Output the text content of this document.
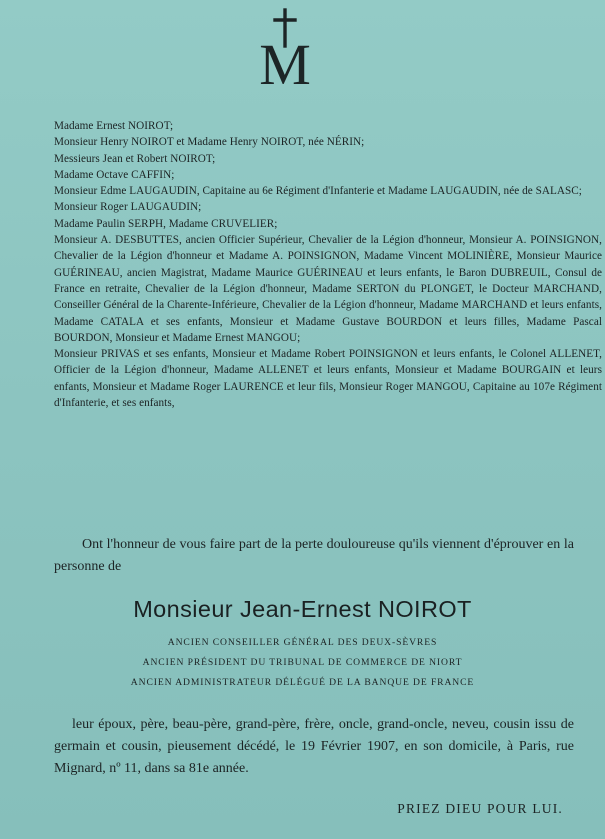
M

Madame Ernest NOIROT;

Monsieur Henry NOIROT et Madame Henry NOIROT, née NÉRIN;

Messieurs Jean et Robert NOIROT;

Madame Octave CAFFIN;

Monsieur Edme LAUGAUDIN, Capitaine au 6e Régiment d'Infanterie et Madame LAUGAUDIN, née de SALASC;

Monsieur Roger LAUGAUDIN;

Madame Paulin SERPH, Madame CRUVELIER;

Monsieur A. DESBUTTES, ancien Officier Supérieur, Chevalier de la Légion d'honneur, Monsieur A. POINSIGNON, Chevalier de la Légion d'honneur et Madame A. POINSIGNON, Madame Vincent MOLINIÈRE, Monsieur Maurice GUÉRINEAU, ancien Magistrat, Madame Maurice GUÉRINEAU et leurs enfants, le Baron DUBREUIL, Consul de France en retraite, Chevalier de la Légion d'honneur, Madame SERTON du PLONGET, le Docteur MARCHAND, Conseiller Général de la Charente-Inférieure, Chevalier de la Légion d'honneur, Madame MARCHAND et leurs enfants, Madame CATALA et ses enfants, Monsieur et Madame Gustave BOURDON et leurs filles, Madame Pascal BOURDON, Monsieur et Madame Ernest MANGOU;

Monsieur PRIVAS et ses enfants, Monsieur et Madame Robert POINSIGNON et leurs enfants, le Colonel ALLENET, Officier de la Légion d'honneur, Madame ALLENET et leurs enfants, Monsieur et Madame BOURGAIN et leurs enfants, Monsieur et Madame Roger LAURENCE et leur fils, Monsieur Roger MANGOU, Capitaine au 107e Régiment d'Infanterie, et ses enfants,

Ont l'honneur de vous faire part de la perte douloureuse qu'ils viennent d'éprouver en la personne de

Monsieur Jean-Ernest NOIROT
ANCIEN CONSEILLER GÉNÉRAL DES DEUX-SÈVRES
ANCIEN PRÉSIDENT DU TRIBUNAL DE COMMERCE DE NIORT
ANCIEN ADMINISTRATEUR DÉLÉGUÉ DE LA BANQUE DE FRANCE

leur époux, père, beau-père, grand-père, frère, oncle, grand-oncle, neveu, cousin issu de germain et cousin, pieusement décédé, le 19 Février 1907, en son domicile, à Paris, rue Mignard, nº 11, dans sa 81e année.

PRIEZ DIEU POUR LUI.
